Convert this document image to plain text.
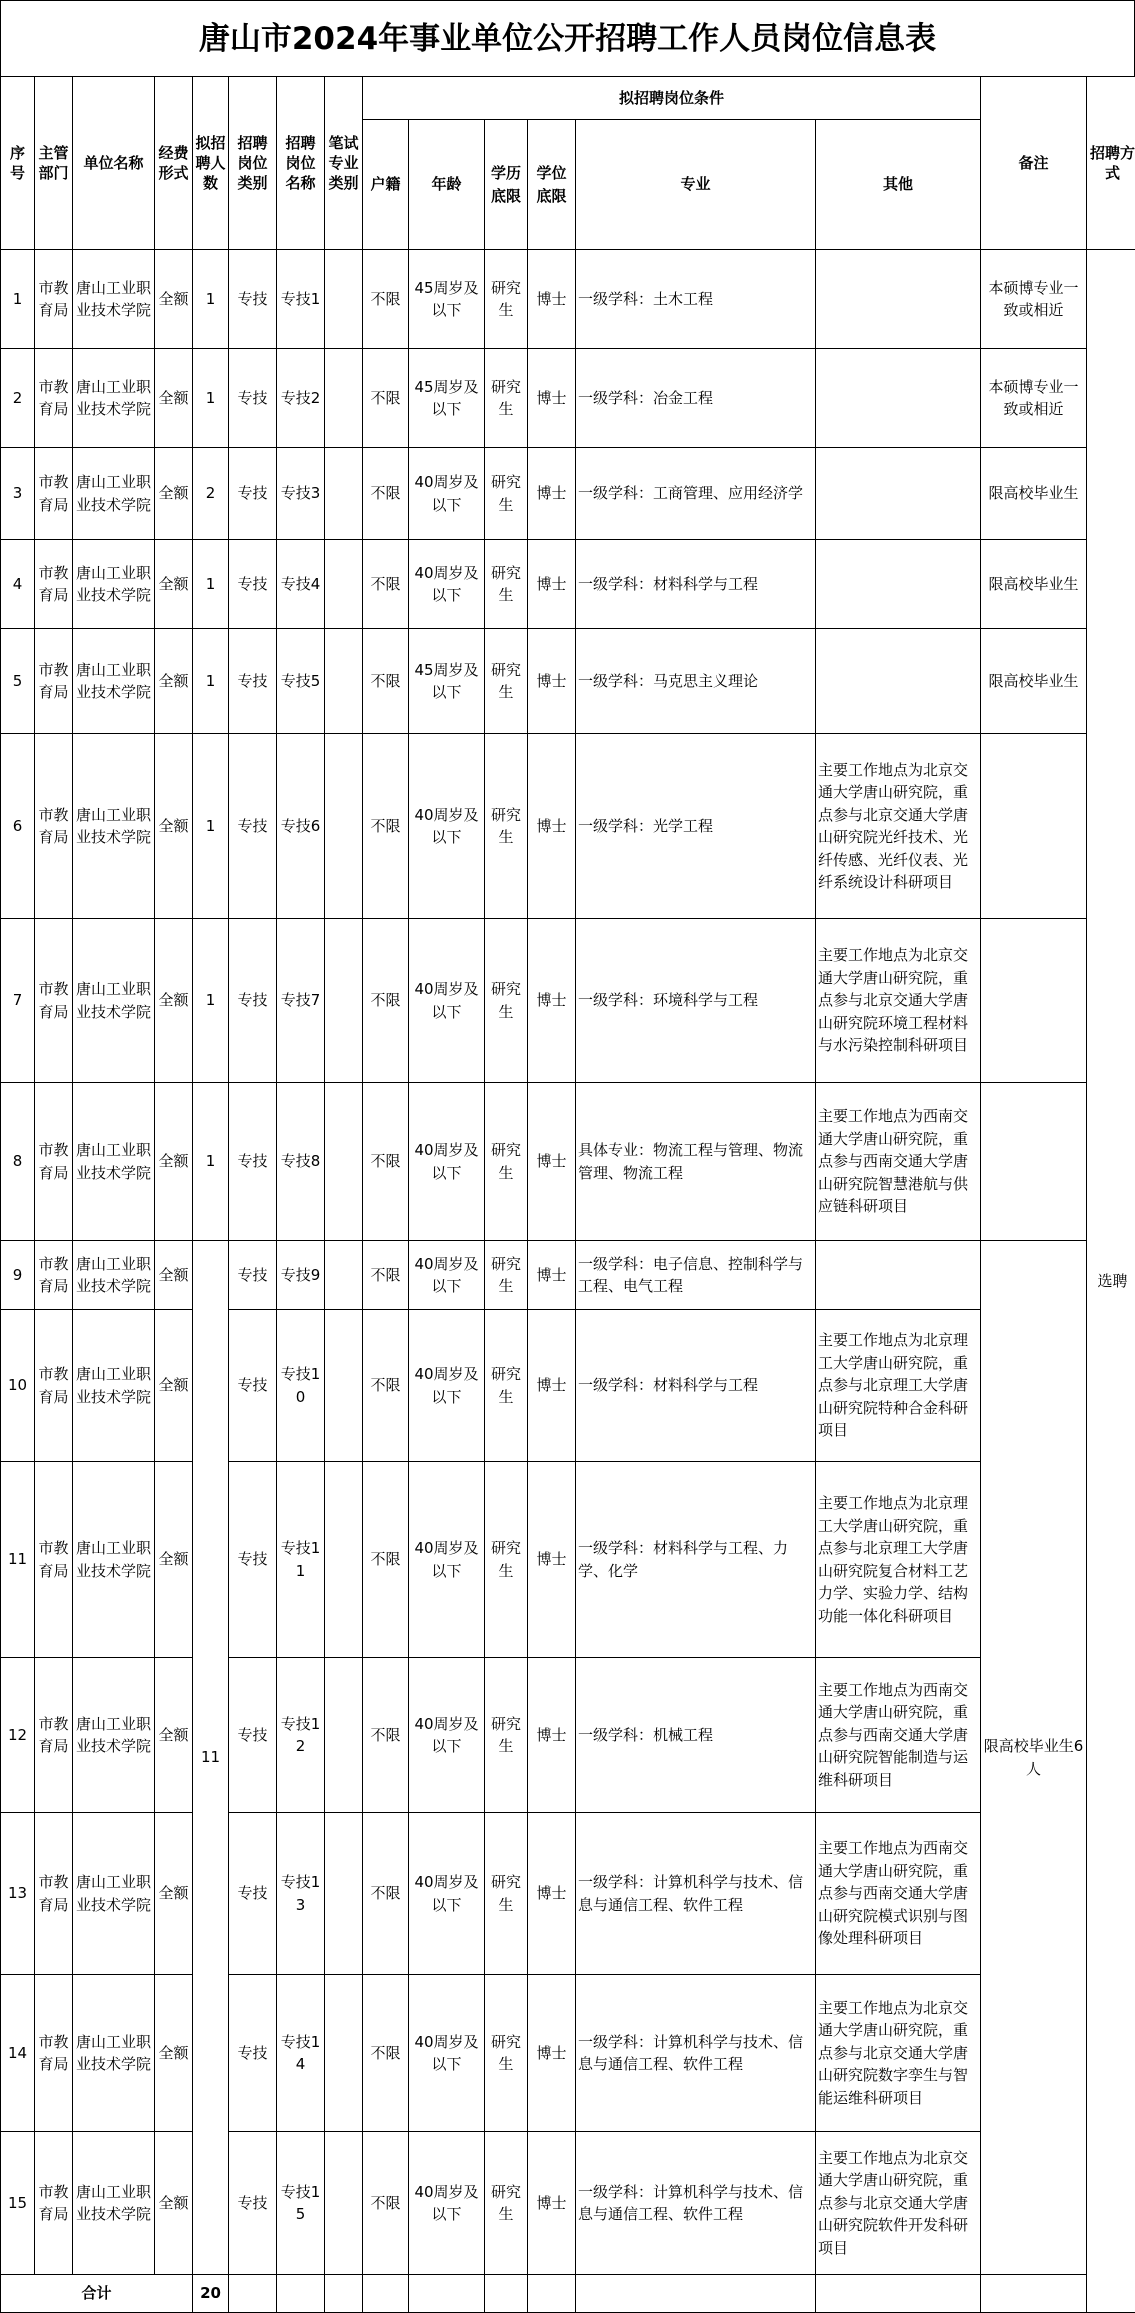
唐山市2024年事业单位公开招聘工作人员岗位信息表
序号	主管部门	单位名称	经费形式	拟招聘人数	招聘岗位类别	招聘岗位名称	笔试专业类别	拟招聘岗位条件						备注	招聘方式
								户籍	年龄	学历底限	学位底限	专业	其他		
1	市教育局	唐山工业职业技术学院	全额	1	专技	专技1		不限	45周岁及以下	研究生	博士	一级学科：土木工程		本硕博专业一致或相近	选聘
2	市教育局	唐山工业职业技术学院	全额	1	专技	专技2		不限	45周岁及以下	研究生	博士	一级学科：冶金工程		本硕博专业一致或相近	
3	市教育局	唐山工业职业技术学院	全额	2	专技	专技3		不限	40周岁及以下	研究生	博士	一级学科：工商管理、应用经济学		限高校毕业生	
4	市教育局	唐山工业职业技术学院	全额	1	专技	专技4		不限	40周岁及以下	研究生	博士	一级学科：材料科学与工程		限高校毕业生	
5	市教育局	唐山工业职业技术学院	全额	1	专技	专技5		不限	45周岁及以下	研究生	博士	一级学科：马克思主义理论		限高校毕业生	
6	市教育局	唐山工业职业技术学院	全额	1	专技	专技6		不限	40周岁及以下	研究生	博士	一级学科：光学工程	主要工作地点为北京交通大学唐山研究院，重点参与北京交通大学唐山研究院光纤技术、光纤传感、光纤仪表、光纤系统设计科研项目		
7	市教育局	唐山工业职业技术学院	全额	1	专技	专技7		不限	40周岁及以下	研究生	博士	一级学科：环境科学与工程	主要工作地点为北京交通大学唐山研究院，重点参与北京交通大学唐山研究院环境工程材料与水污染控制科研项目		
8	市教育局	唐山工业职业技术学院	全额	1	专技	专技8		不限	40周岁及以下	研究生	博士	具体专业：物流工程与管理、物流管理、物流工程	主要工作地点为西南交通大学唐山研究院，重点参与西南交通大学唐山研究院智慧港航与供应链科研项目		
9	市教育局	唐山工业职业技术学院	全额	11	专技	专技9		不限	40周岁及以下	研究生	博士	一级学科：电子信息、控制科学与工程、电气工程		限高校毕业生6人	
10	市教育局	唐山工业职业技术学院	全额		专技	专技10		不限	40周岁及以下	研究生	博士	一级学科：材料科学与工程	主要工作地点为北京理工大学唐山研究院，重点参与北京理工大学唐山研究院特种合金科研项目		
11	市教育局	唐山工业职业技术学院	全额		专技	专技11		不限	40周岁及以下	研究生	博士	一级学科：材料科学与工程、力学、化学	主要工作地点为北京理工大学唐山研究院，重点参与北京理工大学唐山研究院复合材料工艺力学、实验力学、结构功能一体化科研项目		
12	市教育局	唐山工业职业技术学院	全额		专技	专技12		不限	40周岁及以下	研究生	博士	一级学科：机械工程	主要工作地点为西南交通大学唐山研究院，重点参与西南交通大学唐山研究院智能制造与运维科研项目		
13	市教育局	唐山工业职业技术学院	全额		专技	专技13		不限	40周岁及以下	研究生	博士	一级学科：计算机科学与技术、信息与通信工程、软件工程	主要工作地点为西南交通大学唐山研究院，重点参与西南交通大学唐山研究院模式识别与图像处理科研项目		
14	市教育局	唐山工业职业技术学院	全额		专技	专技14		不限	40周岁及以下	研究生	博士	一级学科：计算机科学与技术、信息与通信工程、软件工程	主要工作地点为北京交通大学唐山研究院，重点参与北京交通大学唐山研究院数字孪生与智能运维科研项目		
15	市教育局	唐山工业职业技术学院	全额		专技	专技15		不限	40周岁及以下	研究生	博士	一级学科：计算机科学与技术、信息与通信工程、软件工程	主要工作地点为北京交通大学唐山研究院，重点参与北京交通大学唐山研究院软件开发科研项目		
合计				20											
